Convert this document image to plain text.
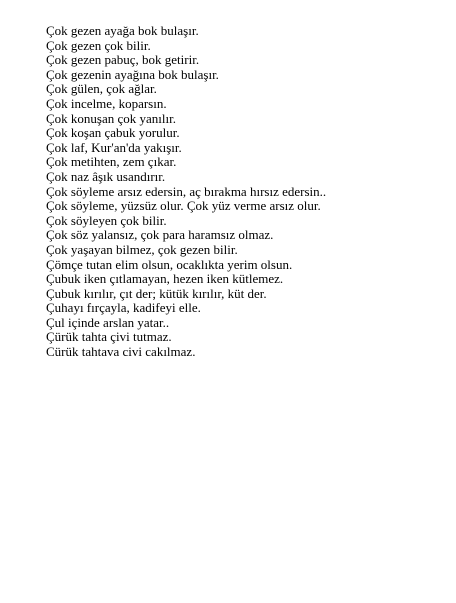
Çok gezen ayağa bok bulaşır.
Çok gezen çok bilir.
Çok gezen pabuç, bok getirir.
Çok gezenin ayağına bok bulaşır.
Çok gülen, çok ağlar.
Çok incelme, koparsın.
Çok konuşan çok yanılır.
Çok koşan çabuk yorulur.
Çok laf, Kur'an'da yakışır.
Çok metihten, zem çıkar.
Çok naz âşık usandırır.
Çok söyleme arsız edersin, aç bırakma hırsız edersin..
Çok söyleme, yüzsüz olur. Çok yüz verme arsız olur.
Çok söyleyen çok bilir.
Çok söz yalansız, çok para haramsız olmaz.
Çok yaşayan bilmez, çok gezen bilir.
Çömçe tutan elim olsun, ocaklıkta yerim olsun.
Çubuk iken çıtlamayan, hezen iken kütlemez.
Çubuk kırılır, çıt der; kütük kırılır, küt der.
Çuhayı fırçayla, kadifeyi elle.
Çul içinde arslan yatar..
Çürük tahta çivi tutmaz.
Cürük tahtava civi cakılmaz.
